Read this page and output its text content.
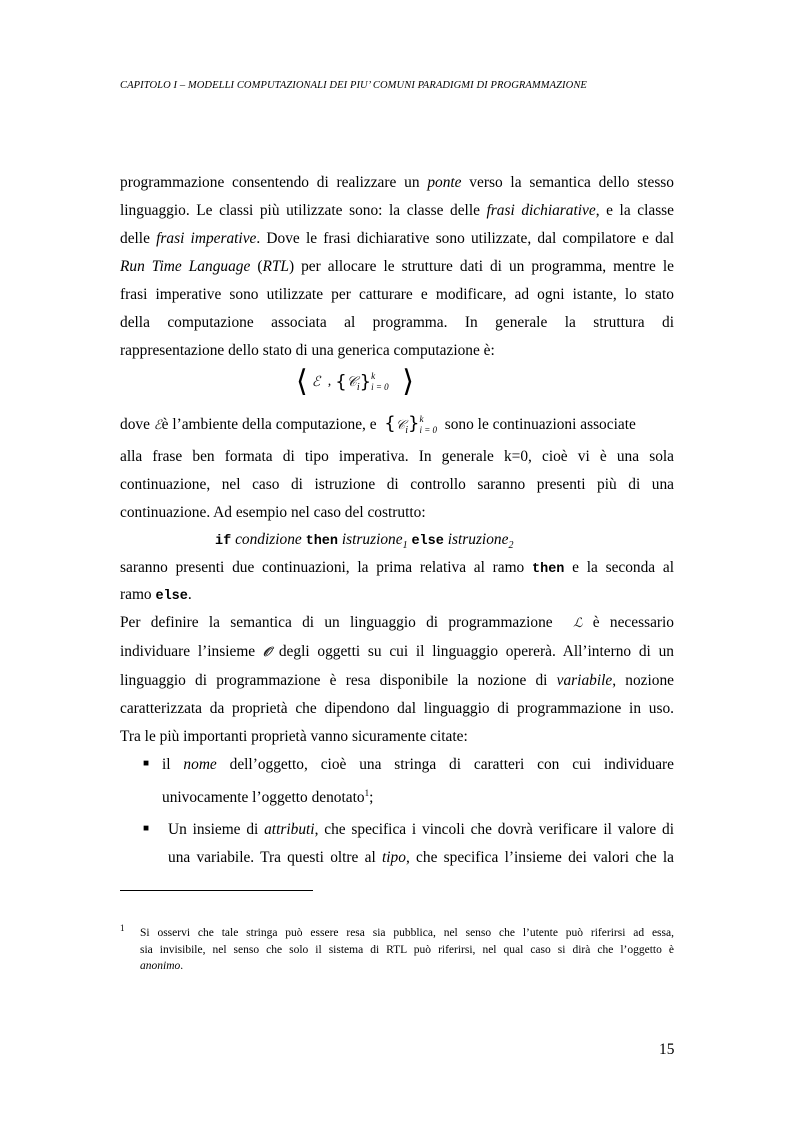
CAPITOLO I – MODELLI COMPUTAZIONALI DEI PIU’ COMUNI PARADIGMI DI PROGRAMMAZIONE
programmazione consentendo di realizzare un ponte verso la semantica dello stesso
linguaggio. Le classi più utilizzate sono: la classe delle frasi dichiarative, e la classe
delle frasi imperative. Dove le frasi dichiarative sono utilizzate, dal compilatore e dal
Run Time Language (RTL) per allocare le strutture dati di un programma, mentre le
frasi imperative sono utilizzate per catturare e modificare, ad ogni istante, lo stato
della computazione associata al programma. In generale la struttura di
rappresentazione dello stato di una generica computazione è:
⟨ ℰ  , {𝒞$_i$} k
i = 0 ⟩
dove ℰè l’ambiente della computazione, e {𝒞$_i$} k
i = 0 sono le continuazioni associate
alla frase ben formata di tipo imperativa. In generale k=0, cioè vi è una sola
continuazione, nel caso di istruzione di controllo saranno presenti più di una
continuazione. Ad esempio nel caso del costrutto:
if condizione then istruzione$_1$ else istruzione$_2$
saranno presenti due continuazioni, la prima relativa al ramo then e la seconda al
ramo else.
Per definire la semantica di un linguaggio di programmazione ℒ è necessario
individuare l’insieme 𝒪 degli oggetti su cui il linguaggio opererà. All’interno di un
linguaggio di programmazione è resa disponibile la nozione di variabile, nozione
caratterizzata da proprietà che dipendono dal linguaggio di programmazione in uso.
Tra le più importanti proprietà vanno sicuramente citate:
■ il nome dell’oggetto, cioè una stringa di caratteri con cui individuare
univocamente l’oggetto denotato$^1$;
■ Un insieme di attributi, che specifica i vincoli che dovrà verificare il valore di
una variabile. Tra questi oltre al tipo, che specifica l’insieme dei valori che la
1 Si osservi che tale stringa può essere resa sia pubblica, nel senso che l’utente può riferirsi ad essa,
sia invisibile, nel senso che solo il sistema di RTL può riferirsi, nel qual caso si dirà che l’oggetto è
anonimo.
15
